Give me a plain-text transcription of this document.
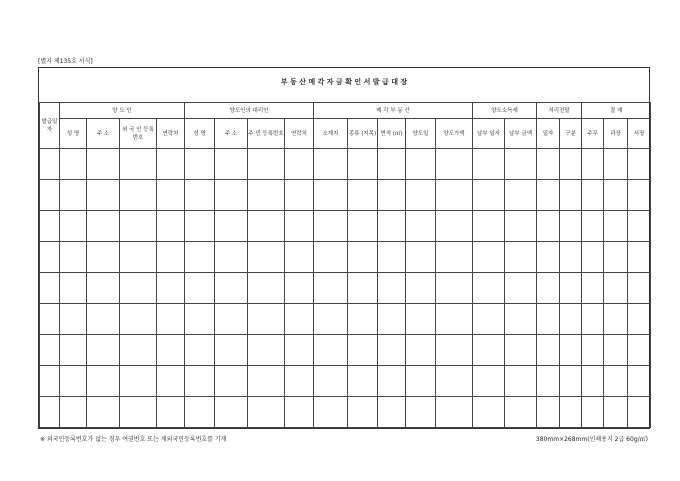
[별지 제135호 서식]
부 동 산 매 각 자 금 확 인 서 발 급 대 장
발급일자	양 도 인				양도인의 대리인				매 각 부 동 산					양도소득세		처리전말		결 재		
	성 명	주 소	외 국 인 등록번호	연락처	성 명	주 소	주 민 등록번호	연락처	소재지	종류 (지목)	면적 (㎡)	양도일	양도가액	납부 일자	납부 금액	일자	구분	주무	과장	서장

※ 외국인등록번호가 없는 경우 여권번호 또는 재외국민등록번호를 기재	380mm×268mm(인쇄용지 2급 60g/㎡)
